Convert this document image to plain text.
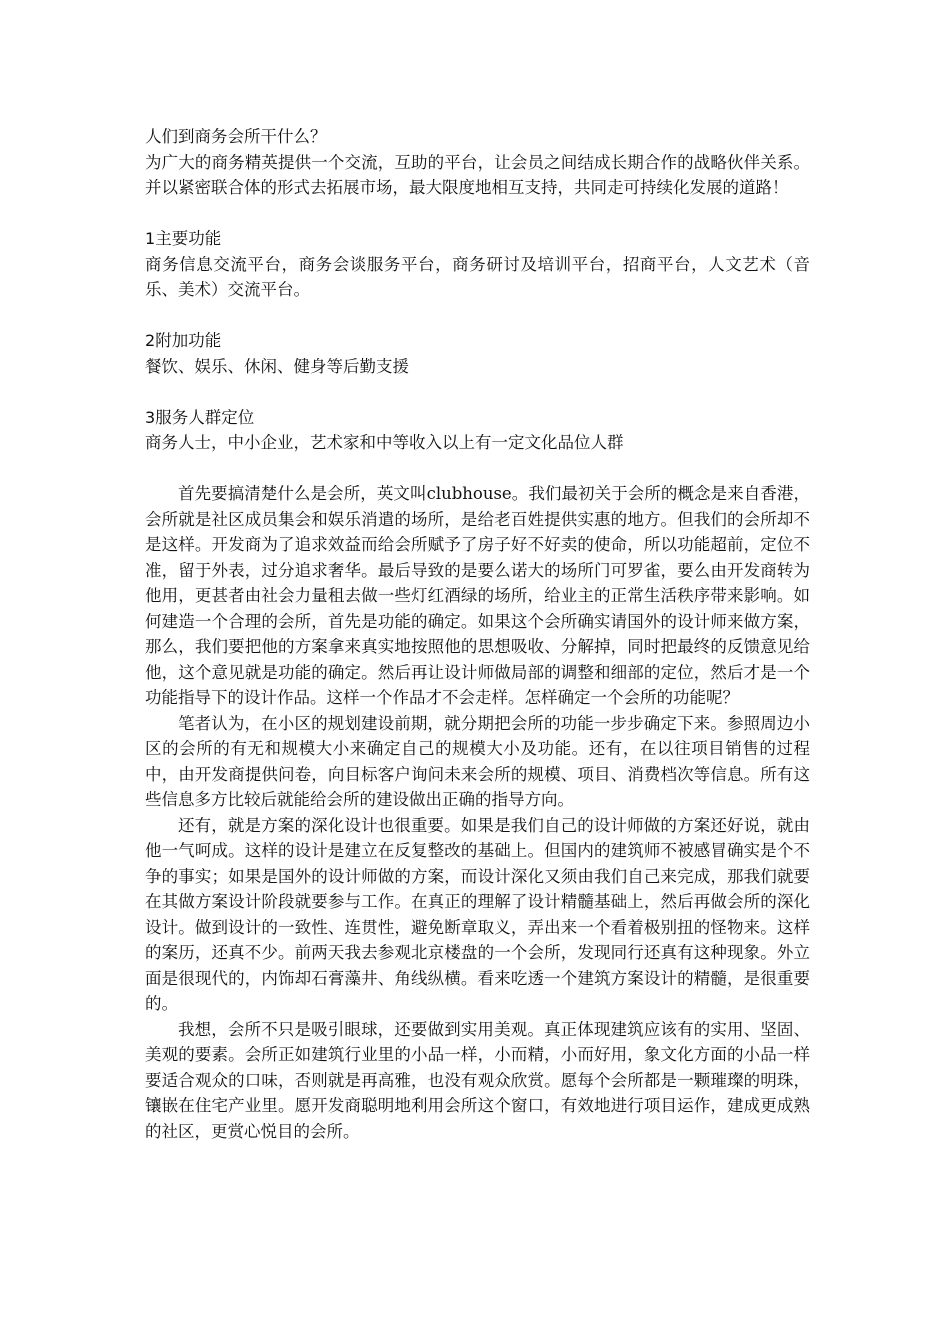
人们到商务会所干什么？

为广大的商务精英提供一个交流，互助的平台，让会员之间结成长期合作的战略伙伴关系。并以紧密联合体的形式去拓展市场，最大限度地相互支持，共同走可持续化发展的道路！

1主要功能

商务信息交流平台，商务会谈服务平台，商务研讨及培训平台，招商平台，人文艺术（音乐、美术）交流平台。

2附加功能

餐饮、娱乐、休闲、健身等后勤支援

3服务人群定位

商务人士，中小企业，艺术家和中等收入以上有一定文化品位人群

首先要搞清楚什么是会所，英文叫clubhouse。我们最初关于会所的概念是来自香港，会所就是社区成员集会和娱乐消遣的场所，是给老百姓提供实惠的地方。但我们的会所却不是这样。开发商为了追求效益而给会所赋予了房子好不好卖的使命，所以功能超前，定位不准，留于外表，过分追求奢华。最后导致的是要么诺大的场所门可罗雀，要么由开发商转为他用，更甚者由社会力量租去做一些灯红酒绿的场所，给业主的正常生活秩序带来影响。如何建造一个合理的会所，首先是功能的确定。如果这个会所确实请国外的设计师来做方案，那么，我们要把他的方案拿来真实地按照他的思想吸收、分解掉，同时把最终的反馈意见给他，这个意见就是功能的确定。然后再让设计师做局部的调整和细部的定位，然后才是一个功能指导下的设计作品。这样一个作品才不会走样。怎样确定一个会所的功能呢？

笔者认为，在小区的规划建设前期，就分期把会所的功能一步步确定下来。参照周边小区的会所的有无和规模大小来确定自己的规模大小及功能。还有，在以往项目销售的过程中，由开发商提供问卷，向目标客户询问未来会所的规模、项目、消费档次等信息。所有这些信息多方比较后就能给会所的建设做出正确的指导方向。

还有，就是方案的深化设计也很重要。如果是我们自己的设计师做的方案还好说，就由他一气呵成。这样的设计是建立在反复整改的基础上。但国内的建筑师不被感冒确实是个不争的事实；如果是国外的设计师做的方案，而设计深化又须由我们自己来完成，那我们就要在其做方案设计阶段就要参与工作。在真正的理解了设计精髓基础上，然后再做会所的深化设计。做到设计的一致性、连贯性，避免断章取义，弄出来一个看着极别扭的怪物来。这样的案历，还真不少。前两天我去参观北京楼盘的一个会所，发现同行还真有这种现象。外立面是很现代的，内饰却石膏藻井、角线纵横。看来吃透一个建筑方案设计的精髓，是很重要的。

我想，会所不只是吸引眼球，还要做到实用美观。真正体现建筑应该有的实用、坚固、美观的要素。会所正如建筑行业里的小品一样，小而精，小而好用，象文化方面的小品一样要适合观众的口味，否则就是再高雅，也没有观众欣赏。愿每个会所都是一颗璀璨的明珠，镶嵌在住宅产业里。愿开发商聪明地利用会所这个窗口，有效地进行项目运作，建成更成熟的社区，更赏心悦目的会所。
